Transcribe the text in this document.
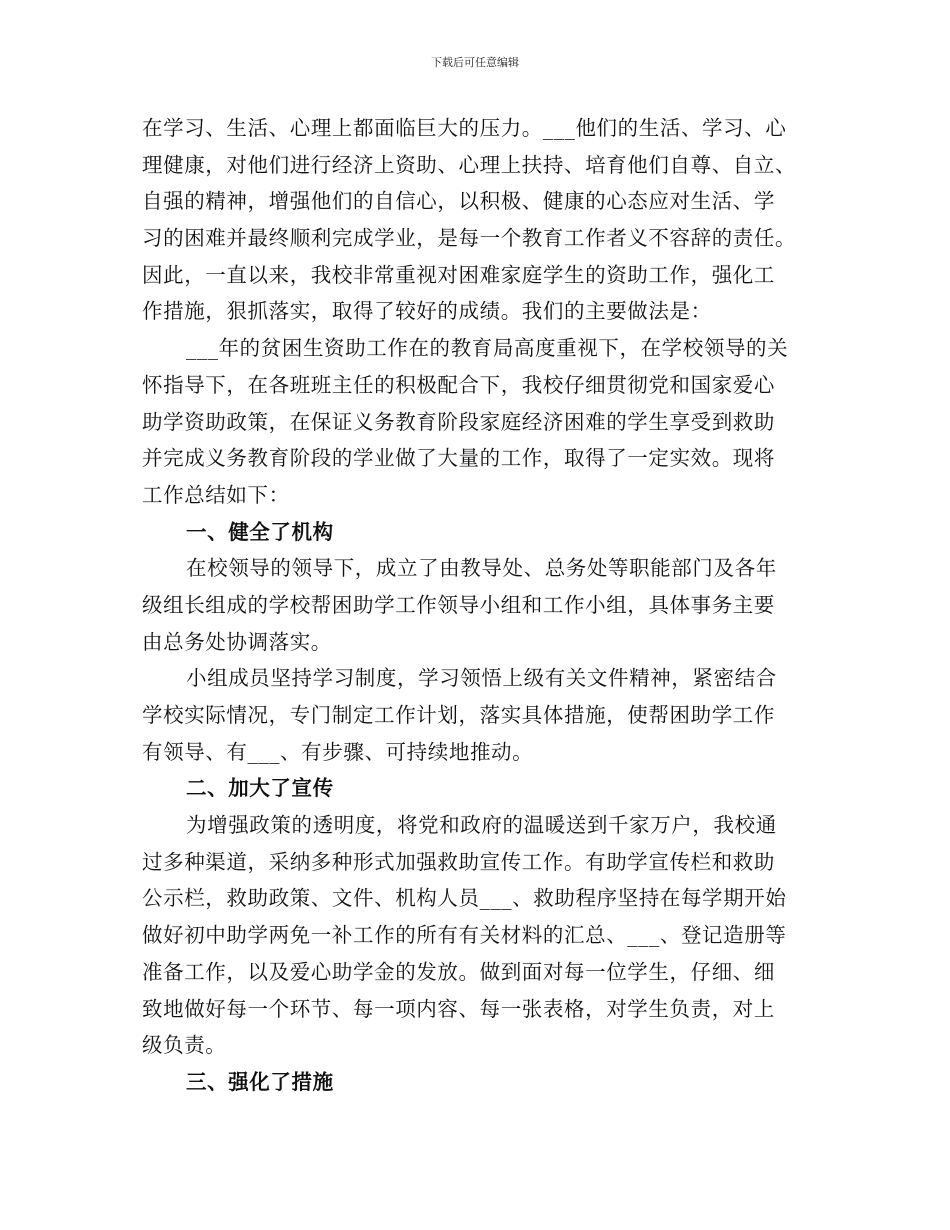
下载后可任意编辑
在学习、生活、心理上都面临巨大的压力。___他们的生活、学习、心
理健康，对他们进行经济上资助、心理上扶持、培育他们自尊、自立、
自强的精神，增强他们的自信心，以积极、健康的心态应对生活、学
习的困难并最终顺利完成学业，是每一个教育工作者义不容辞的责任。
因此，一直以来，我校非常重视对困难家庭学生的资助工作，强化工
作措施，狠抓落实，取得了较好的成绩。我们的主要做法是：
___年的贫困生资助工作在的教育局高度重视下，在学校领导的关
怀指导下，在各班班主任的积极配合下，我校仔细贯彻党和国家爱心
助学资助政策，在保证义务教育阶段家庭经济困难的学生享受到救助
并完成义务教育阶段的学业做了大量的工作，取得了一定实效。现将
工作总结如下：
一、健全了机构
在校领导的领导下，成立了由教导处、总务处等职能部门及各年
级组长组成的学校帮困助学工作领导小组和工作小组，具体事务主要
由总务处协调落实。
小组成员坚持学习制度，学习领悟上级有关文件精神，紧密结合
学校实际情况，专门制定工作计划，落实具体措施，使帮困助学工作
有领导、有___、有步骤、可持续地推动。
二、加大了宣传
为增强政策的透明度，将党和政府的温暖送到千家万户，我校通
过多种渠道，采纳多种形式加强救助宣传工作。有助学宣传栏和救助
公示栏，救助政策、文件、机构人员___、救助程序坚持在每学期开始
做好初中助学两免一补工作的所有有关材料的汇总、___、登记造册等
准备工作，以及爱心助学金的发放。做到面对每一位学生，仔细、细
致地做好每一个环节、每一项内容、每一张表格，对学生负责，对上
级负责。
三、强化了措施
